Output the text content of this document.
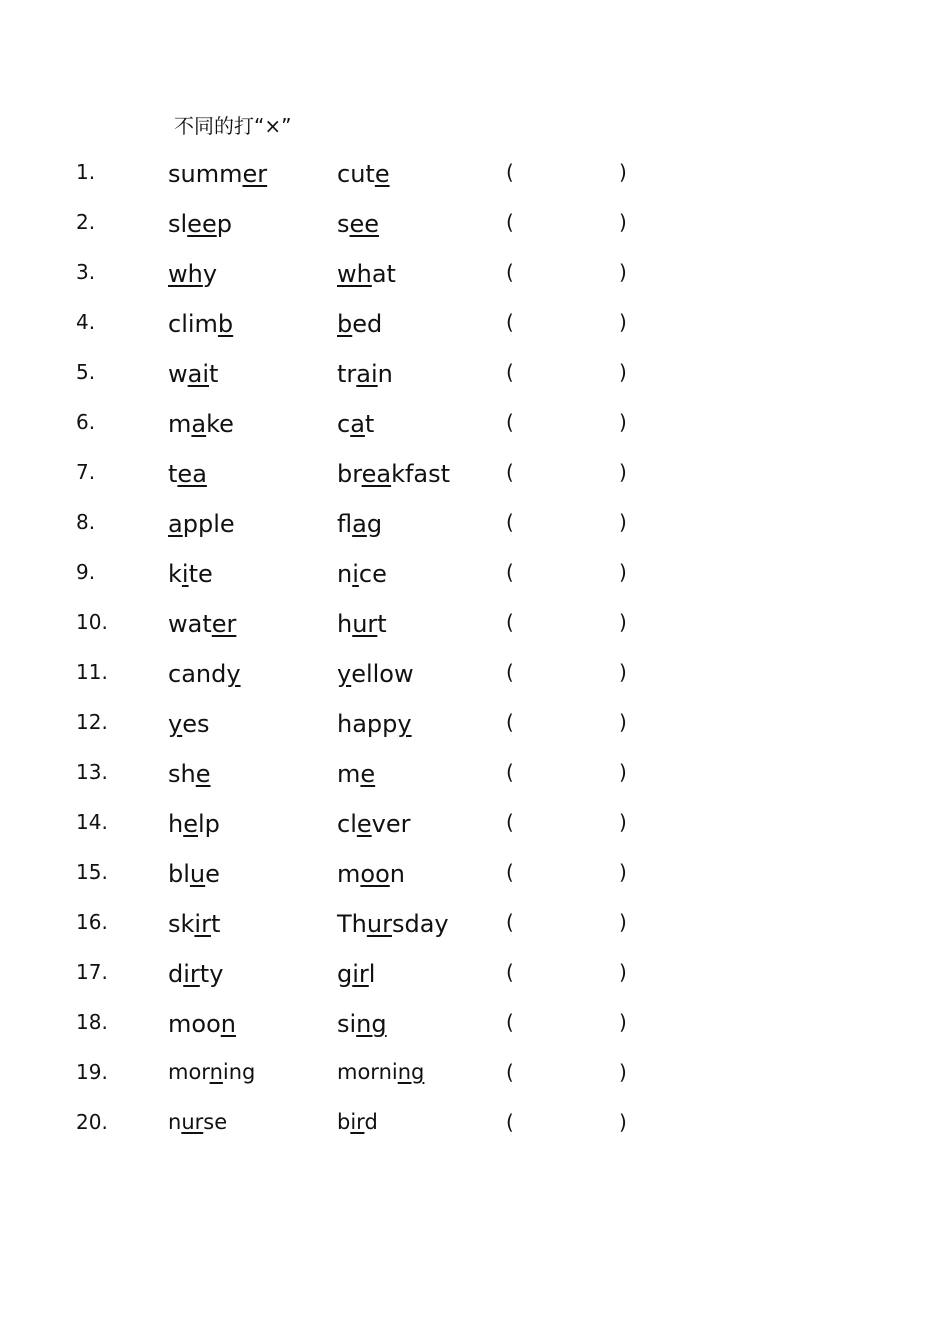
不同的打“×”
1.	summer	cute	(	)
2.	sleep	see	(	)
3.	why	what	(	)
4.	climb	bed	(	)
5.	wait	train	(	)
6.	make	cat	(	)
7.	tea	breakfast	(	)
8.	apple	flag	(	)
9.	kite	nice	(	)
10.	water	hurt	(	)
11.	candy	yellow	(	)
12.	yes	happy	(	)
13.	she	me	(	)
14.	help	clever	(	)
15.	blue	moon	(	)
16.	skirt	Thursday	(	)
17.	dirty	girl	(	)
18.	moon	sing	(	)
19.	morning	morning	(	)
20.	nurse	bird	(	)
